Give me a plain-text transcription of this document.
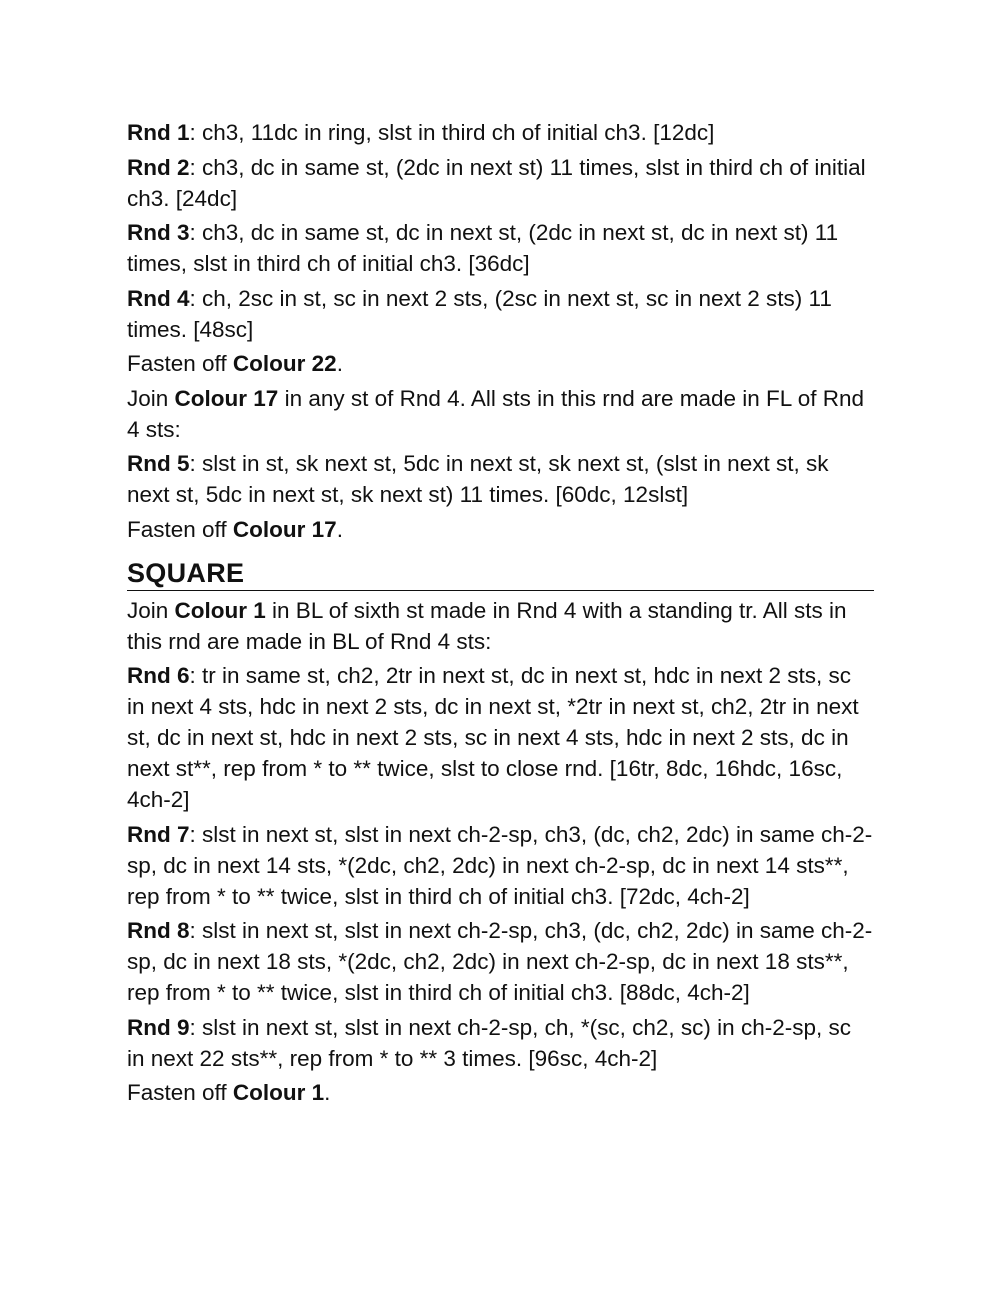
Rnd 1: ch3, 11dc in ring, slst in third ch of initial ch3. [12dc]

Rnd 2: ch3, dc in same st, (2dc in next st) 11 times, slst in third ch of initial ch3. [24dc]

Rnd 3: ch3, dc in same st, dc in next st, (2dc in next st, dc in next st) 11 times, slst in third ch of initial ch3. [36dc]

Rnd 4: ch, 2sc in st, sc in next 2 sts, (2sc in next st, sc in next 2 sts) 11 times. [48sc]

Fasten off Colour 22.

Join Colour 17 in any st of Rnd 4. All sts in this rnd are made in FL of Rnd 4 sts:

Rnd 5: slst in st, sk next st, 5dc in next st, sk next st, (slst in next st, sk next st, 5dc in next st, sk next st) 11 times. [60dc, 12slst]

Fasten off Colour 17.

SQUARE

Join Colour 1 in BL of sixth st made in Rnd 4 with a standing tr. All sts in this rnd are made in BL of Rnd 4 sts:

Rnd 6: tr in same st, ch2, 2tr in next st, dc in next st, hdc in next 2 sts, sc in next 4 sts, hdc in next 2 sts, dc in next st, *2tr in next st, ch2, 2tr in next st, dc in next st, hdc in next 2 sts, sc in next 4 sts, hdc in next 2 sts, dc in next st**, rep from * to ** twice, slst to close rnd. [16tr, 8dc, 16hdc, 16sc, 4ch-2]

Rnd 7: slst in next st, slst in next ch-2-sp, ch3, (dc, ch2, 2dc) in same ch-2-sp, dc in next 14 sts, *(2dc, ch2, 2dc) in next ch-2-sp, dc in next 14 sts**, rep from * to ** twice, slst in third ch of initial ch3. [72dc, 4ch-2]

Rnd 8: slst in next st, slst in next ch-2-sp, ch3, (dc, ch2, 2dc) in same ch-2-sp, dc in next 18 sts, *(2dc, ch2, 2dc) in next ch-2-sp, dc in next 18 sts**, rep from * to ** twice, slst in third ch of initial ch3. [88dc, 4ch-2]

Rnd 9: slst in next st, slst in next ch-2-sp, ch, *(sc, ch2, sc) in ch-2-sp, sc in next 22 sts**, rep from * to ** 3 times. [96sc, 4ch-2]

Fasten off Colour 1.
